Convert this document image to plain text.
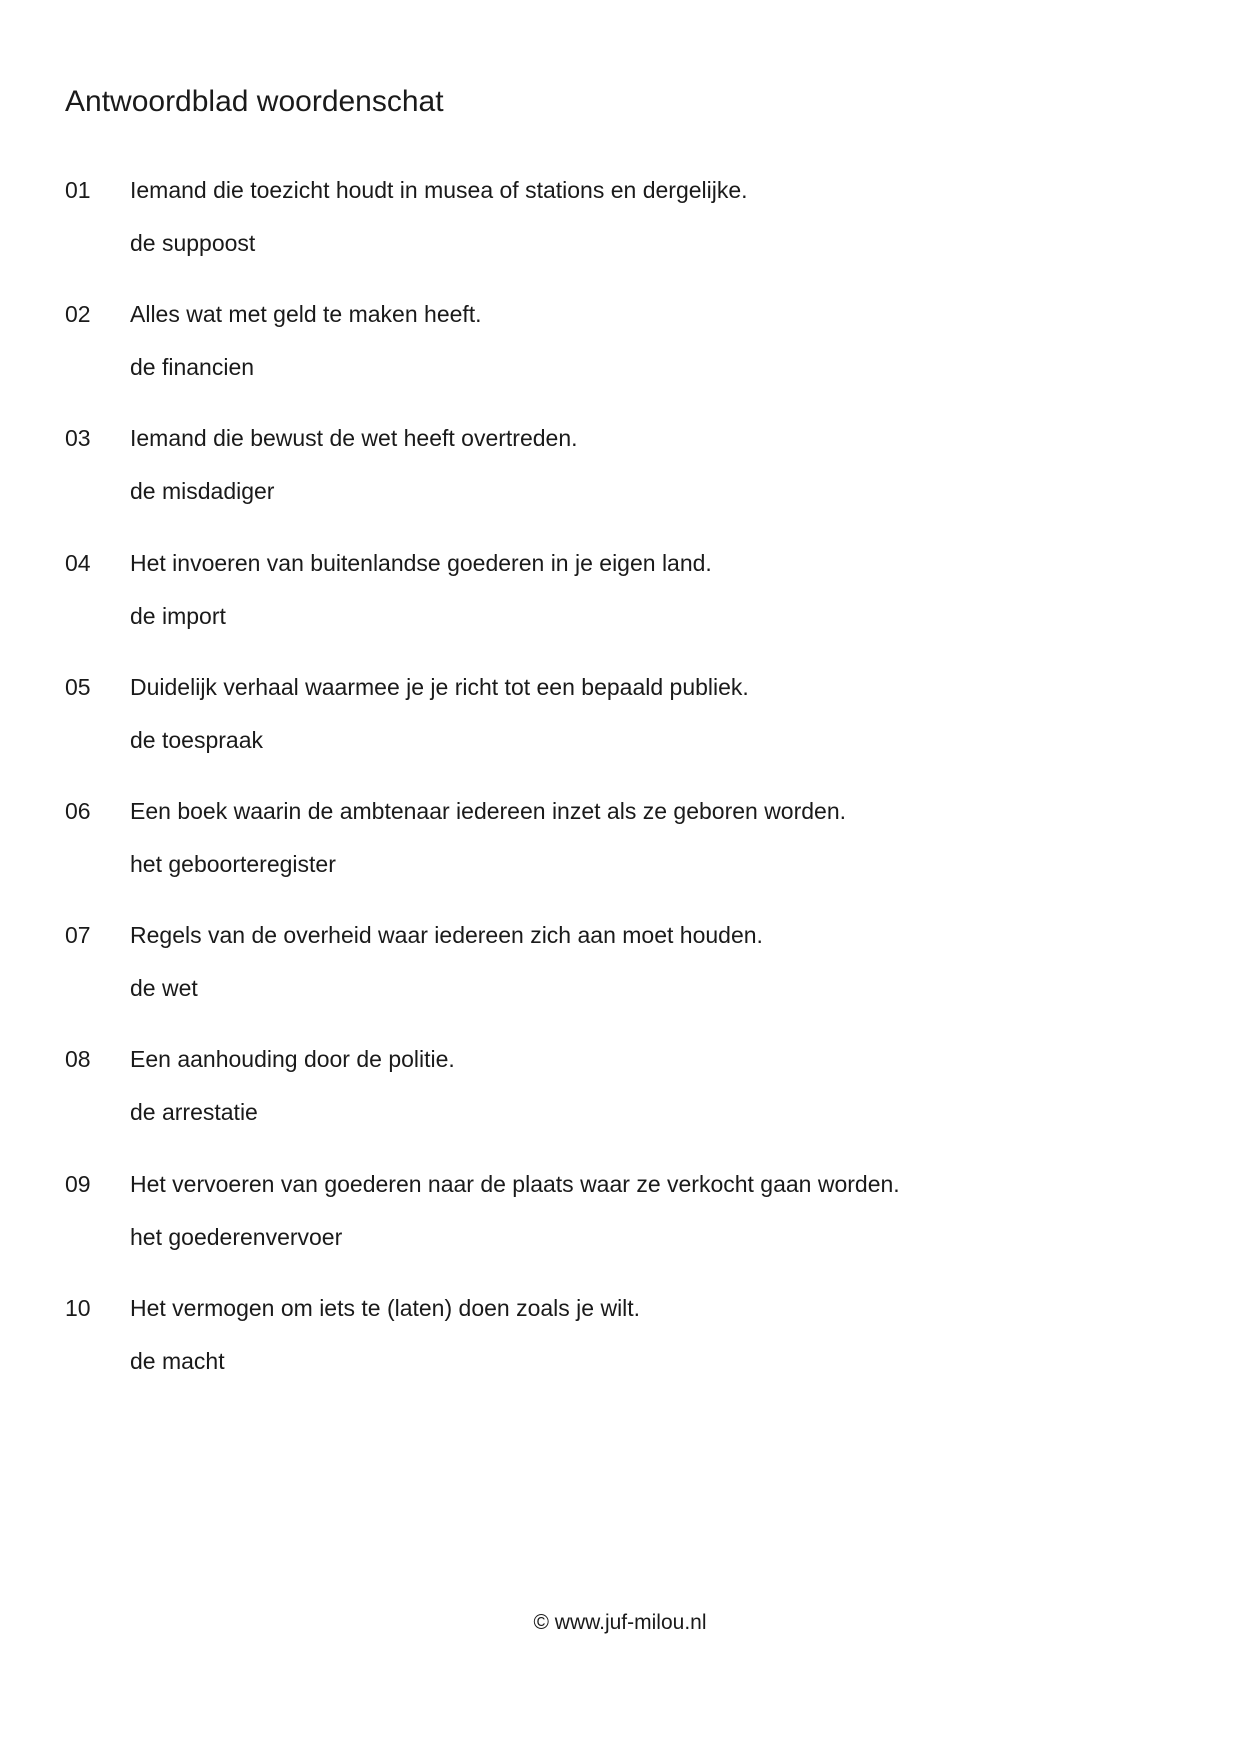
Antwoordblad woordenschat
01 Iemand die toezicht houdt in musea of stations en dergelijke.
de suppoost
02 Alles wat met geld te maken heeft.
de financien
03 Iemand die bewust de wet heeft overtreden.
de misdadiger
04 Het invoeren van buitenlandse goederen in je eigen land.
de import
05 Duidelijk verhaal waarmee je je richt tot een bepaald publiek.
de toespraak
06 Een boek waarin de ambtenaar iedereen inzet als ze geboren worden.
het geboorteregister
07 Regels van de overheid waar iedereen zich aan moet houden.
de wet
08 Een aanhouding door de politie.
de arrestatie
09 Het vervoeren van goederen naar de plaats waar ze verkocht gaan worden.
het goederenvervoer
10 Het vermogen om iets te (laten) doen zoals je wilt.
de macht
© www.juf-milou.nl
